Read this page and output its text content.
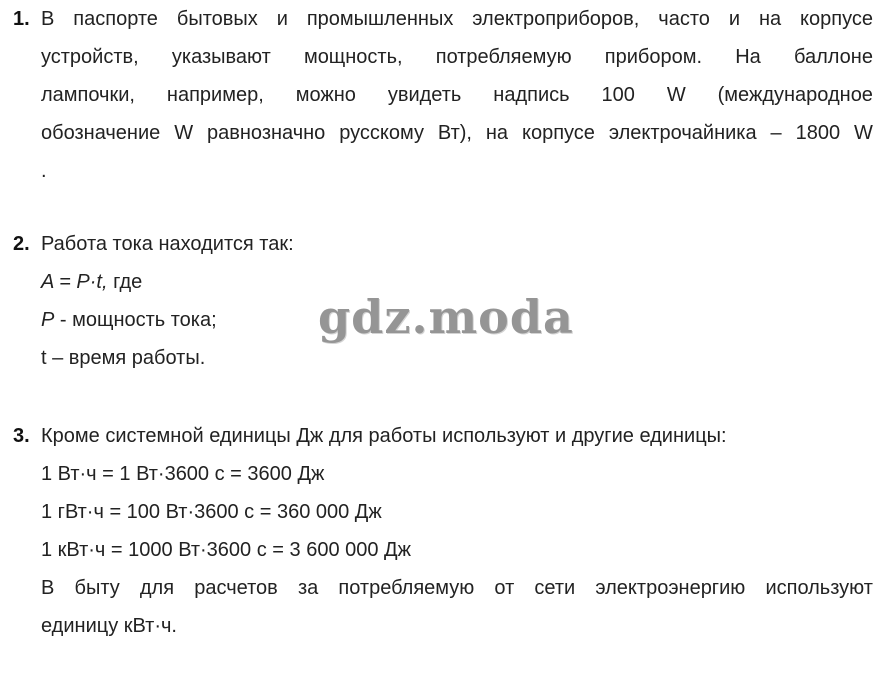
1. В паспорте бытовых и промышленных электроприборов, часто и на корпусе
устройств, указывают мощность, потребляемую прибором. На баллоне
лампочки, например, можно увидеть надпись 100 W (международное
обозначение W равнозначно русскому Вт), на корпусе электрочайника – 1800 W
.
2. Работа тока находится так:
A = P·t, где
P - мощность тока;
t – время работы.
3. Кроме системной единицы Дж для работы используют и другие единицы:
1 Вт·ч = 1 Вт·3600 с = 3600 Дж
1 гВт·ч = 100 Вт·3600 с = 360 000 Дж
1 кВт·ч = 1000 Вт·3600 с = 3 600 000 Дж
В быту для расчетов за потребляемую от сети электроэнергию используют
единицу кВт·ч.
gdz.moda
